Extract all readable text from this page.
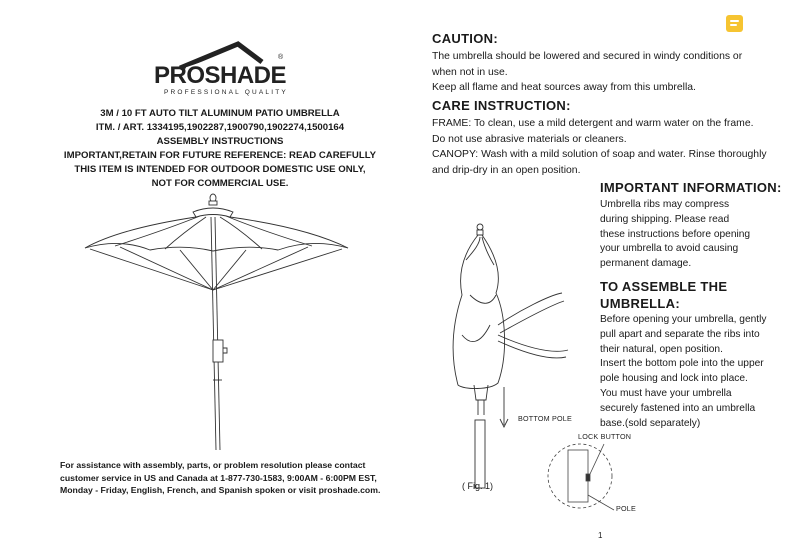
®
PROSHADE
PROFESSIONAL QUALITY
3M / 10 FT AUTO TILT ALUMINUM PATIO UMBRELLA
ITM. / ART. 1334195,1902287,1900790,1902274,1500164
ASSEMBLY INSTRUCTIONS
IMPORTANT,RETAIN FOR FUTURE REFERENCE: READ CAREFULLY
THIS ITEM IS INTENDED FOR OUTDOOR DOMESTIC USE ONLY,
NOT FOR COMMERCIAL USE.
For assistance with assembly, parts, or problem resolution please contact
customer service in US and Canada at 1-877-730-1583, 9:00AM - 6:00PM EST,
Monday - Friday, English, French, and Spanish spoken or visit proshade.com.
CAUTION:
The umbrella should be lowered and secured in windy conditions or
when not in use.
Keep all flame and heat sources away from this umbrella.
CARE INSTRUCTION:
FRAME: To clean, use a mild detergent and warm water on the frame.
Do not use abrasive materials or cleaners.
CANOPY: Wash with a mild solution of soap and water. Rinse thoroughly
and drip-dry in an open position.
IMPORTANT INFORMATION:
Umbrella ribs may compress
during shipping. Please read
these instructions before opening
your umbrella to avoid causing
permanent damage.
TO ASSEMBLE THE
UMBRELLA:
Before opening your umbrella, gently
pull apart and separate the ribs into
their natural, open position.
Insert the bottom pole into the upper
pole housing and lock into place.
You must have your umbrella
securely fastened into an umbrella
base.(sold separately)
BOTTOM POLE
LOCK BUTTON
POLE
( Fig. 1)
1
